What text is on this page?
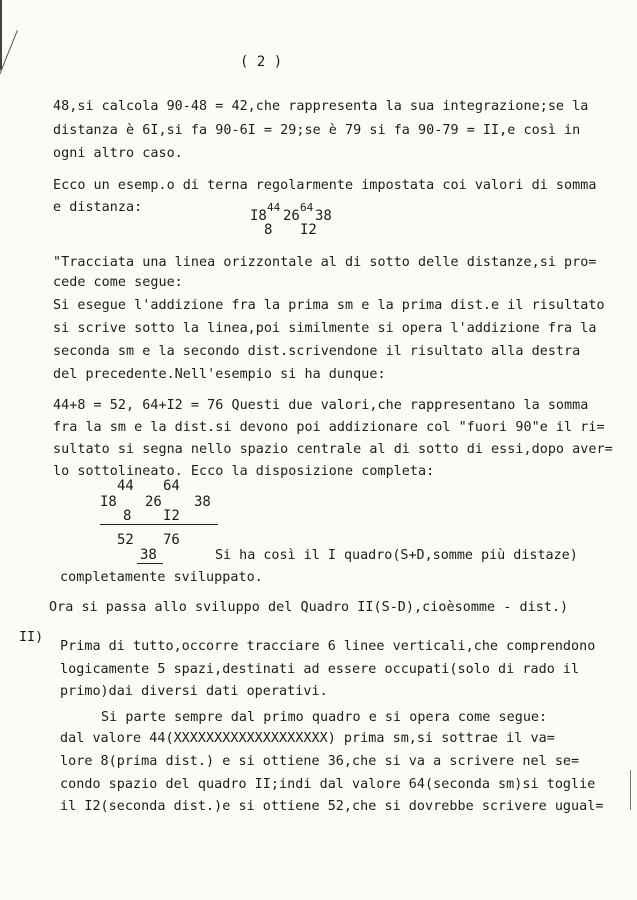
( 2 )
48,si calcola 90-48 = 42,che rappresenta la sua integrazione;se la
distanza è 6I,si fa 90-6I = 29;se è 79 si fa 90-79 = II,e così in
ogni altro caso.
Ecco un esemp.o di terna regolarmente impostata coi valori di somma
e distanza:
I8
44
26
64
38
8 I2
"Tracciata una linea orizzontale al di sotto delle distanze,si pro=
cede come segue:
Si esegue l'addizione fra la prima sm e la prima dist.e il risultato
si scrive sotto la linea,poi similmente si opera l'addizione fra la
seconda sm e la secondo dist.scrivendone il risultato alla destra
del precedente.Nell'esempio si ha dunque:
44+8 = 52, 64+I2 = 76 Questi due valori,che rappresentano la somma
fra la sm e la dist.si devono poi addizionare col "fuori 90"e il ri=
sultato si segna nello spazio centrale al di sotto di essi,dopo aver=
lo sottolineato. Ecco la disposizione completa:
44 64
I8 26 38
8 I2
52 76
38	Si ha così il I quadro(S+D,somme più distaze)
completamente sviluppato.
Ora si passa allo sviluppo del Quadro II(S-D),cioèsomme - dist.)
II)
Prima di tutto,occorre tracciare 6 linee verticali,che comprendono
logicamente 5 spazi,destinati ad essere occupati(solo di rado il
primo)dai diversi dati operativi.
Si parte sempre dal primo quadro e si opera come segue:
dal valore 44(XXXXXXXXXXXXXXXXXXX) prima sm,si sottrae il va=
lore 8(prima dist.) e si ottiene 36,che si va a scrivere nel se=
condo spazio del quadro II;indi dal valore 64(seconda sm)si toglie
il I2(seconda dist.)e si ottiene 52,che si dovrebbe scrivere ugual=
